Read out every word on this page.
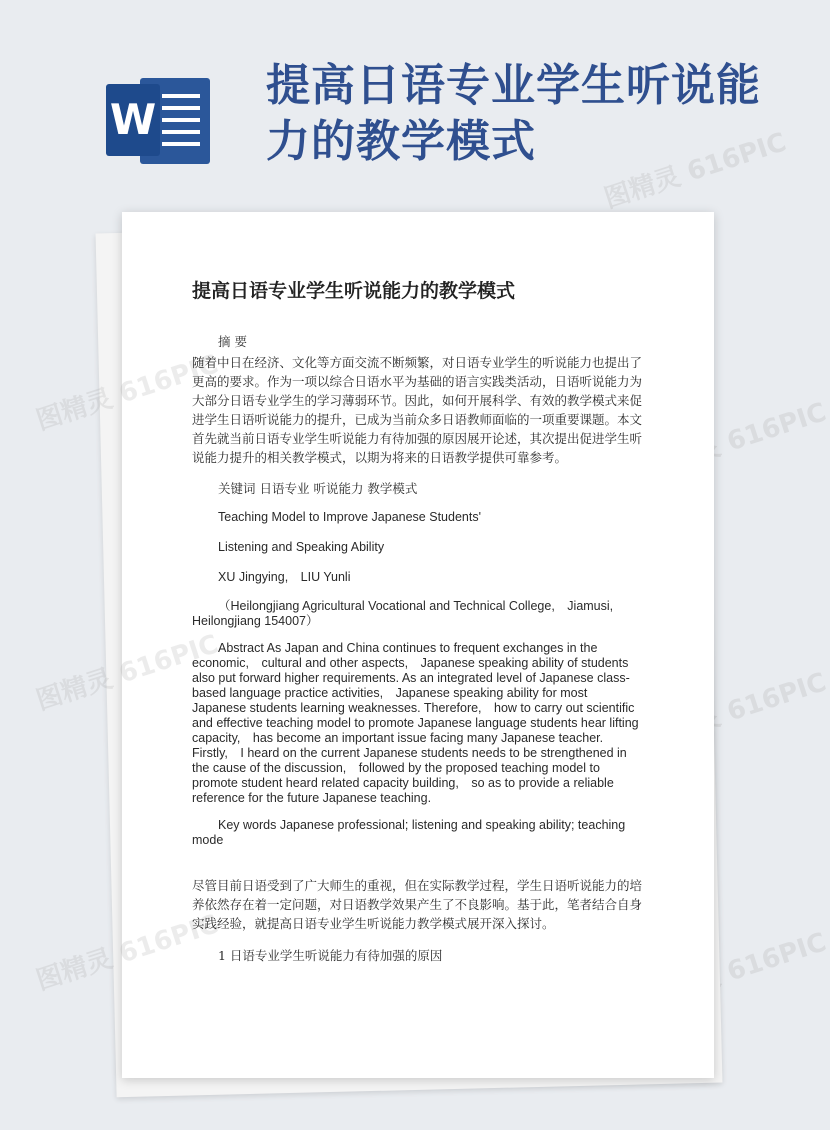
W
提高日语专业学生听说能力的教学模式	图精灵 616PIC
图精灵 616PIC
图精灵 616PIC
图精灵 616PIC
图精灵 616PIC
图精灵 616PIC
图精灵 616PIC
提高日语专业学生听说能力的教学模式

摘 要

随着中日在经济、文化等方面交流不断频繁，对日语专业学生的听说能力也提出了更高的要求。作为一项以综合日语水平为基础的语言实践类活动，日语听说能力为大部分日语专业学生的学习薄弱环节。因此，如何开展科学、有效的教学模式来促进学生日语听说能力的提升，已成为当前众多日语教师面临的一项重要课题。本文首先就当前日语专业学生听说能力有待加强的原因展开论述，其次提出促进学生听说能力提升的相关教学模式，以期为将来的日语教学提供可靠参考。

关键词 日语专业 听说能力 教学模式

Teaching Model to Improve Japanese Students'

Listening and Speaking Ability

XU Jingying,　LIU Yunli

（Heilongjiang Agricultural Vocational and Technical College,　Jiamusi, Heilongjiang 154007）

Abstract As Japan and China continues to frequent exchanges in the economic,　cultural and other aspects,　Japanese speaking ability of students also put forward higher requirements. As an integrated level of Japanese class-based language practice activities,　Japanese speaking ability for most Japanese students learning weaknesses. Therefore,　how to carry out scientific and effective teaching model to promote Japanese language students hear lifting capacity,　has become an important issue facing many Japanese teacher. Firstly,　I heard on the current Japanese students needs to be strengthened in the cause of the discussion,　followed by the proposed teaching model to promote student heard related capacity building,　so as to provide a reliable reference for the future Japanese teaching.

Key words Japanese professional; listening and speaking ability; teaching mode

尽管目前日语受到了广大师生的重视，但在实际教学过程，学生日语听说能力的培养依然存在着一定问题，对日语教学效果产生了不良影响。基于此，笔者结合自身实践经验，就提高日语专业学生听说能力教学模式展开深入探讨。

1 日语专业学生听说能力有待加强的原因
